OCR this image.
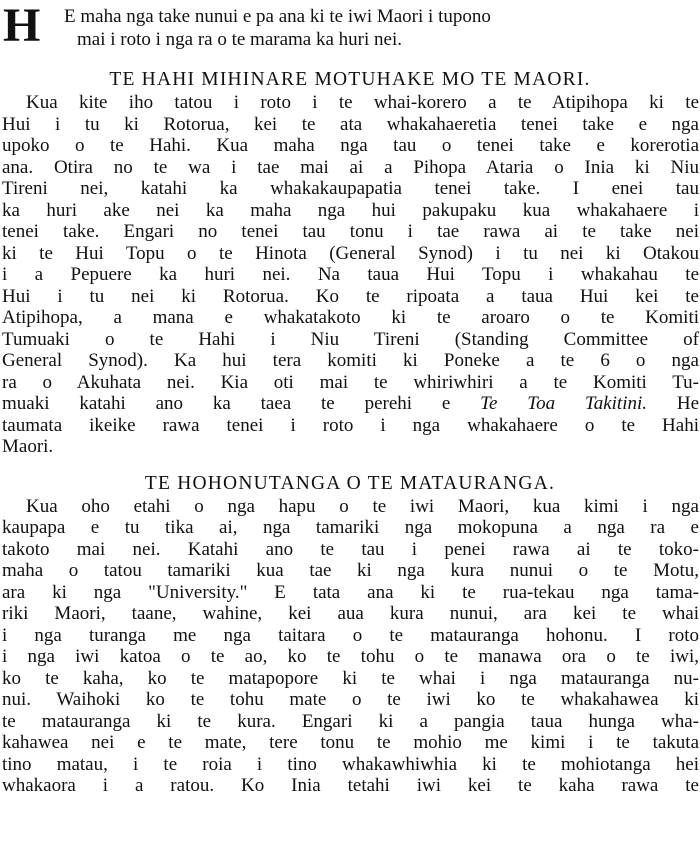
H E maha nga take nunui e pa ana ki te iwi Maori i tupono
mai i roto i nga ra o te marama ka huri nei.
TE HAHI MIHINARE MOTUHAKE MO TE MAORI.
Kua kite iho tatou i roto i te whai-korero a te Atipihopa ki te
Hui i tu ki Rotorua, kei te ata whakahaeretia tenei take e nga
upoko o te Hahi. Kua maha nga tau o tenei take e korerotia
ana. Otira no te wa i tae mai ai a Pihopa Ataria o Inia ki Niu
Tireni nei, katahi ka whakakaupapatia tenei take. I enei tau
ka huri ake nei ka maha nga hui pakupaku kua whakahaere i
tenei take. Engari no tenei tau tonu i tae rawa ai te take nei
ki te Hui Topu o te Hinota (General Synod) i tu nei ki Otakou
i a Pepuere ka huri nei. Na taua Hui Topu i whakahau te
Hui i tu nei ki Rotorua. Ko te ripoata a taua Hui kei te
Atipihopa, a mana e whakatakoto ki te aroaro o te Komiti
Tumuaki o te Hahi i Niu Tireni (Standing Committee of
General Synod). Ka hui tera komiti ki Poneke a te 6 o nga
ra o Akuhata nei. Kia oti mai te whiriwhiri a te Komiti Tu-
muaki katahi ano ka taea te perehi e Te Toa Takitini. He
taumata ikeike rawa tenei i roto i nga whakahaere o te Hahi
Maori.
TE HOHONUTANGA O TE MATAURANGA.
Kua oho etahi o nga hapu o te iwi Maori, kua kimi i nga
kaupapa e tu tika ai, nga tamariki nga mokopuna a nga ra e
takoto mai nei. Katahi ano te tau i penei rawa ai te toko-
maha o tatou tamariki kua tae ki nga kura nunui o te Motu,
ara ki nga "University." E tata ana ki te rua-tekau nga tama-
riki Maori, taane, wahine, kei aua kura nunui, ara kei te whai
i nga turanga me nga taitara o te matauranga hohonu. I roto
i nga iwi katoa o te ao, ko te tohu o te manawa ora o te iwi,
ko te kaha, ko te matapopore ki te whai i nga matauranga nu-
nui. Waihoki ko te tohu mate o te iwi ko te whakahawea ki
te matauranga ki te kura. Engari ki a pangia taua hunga wha-
kahawea nei e te mate, tere tonu te mohio me kimi i te takuta
tino matau, i te roia i tino whakawhiwhia ki te mohiotanga hei
whakaora i a ratou. Ko Inia tetahi iwi kei te kaha rawa te
